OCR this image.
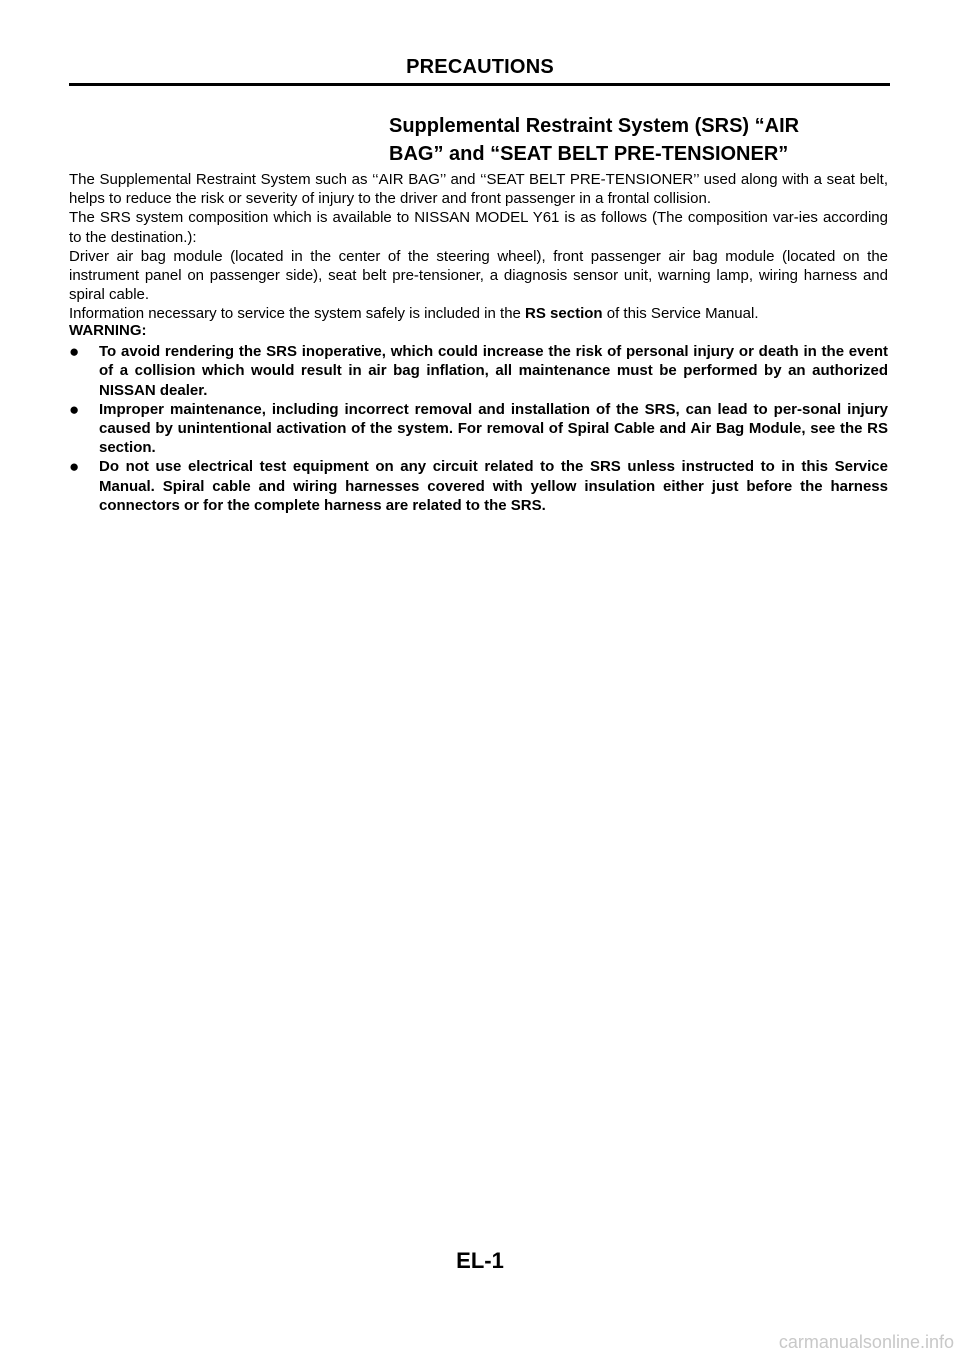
PRECAUTIONS
Supplemental Restraint System (SRS) “AIR
BAG” and “SEAT BELT PRE-TENSIONER”

The Supplemental Restraint System such as ‘‘AIR BAG’’ and ‘‘SEAT BELT PRE-TENSIONER’’ used along with a seat belt, helps to reduce the risk or severity of injury to the driver and front passenger in a frontal collision.

The SRS system composition which is available to NISSAN MODEL Y61 is as follows (The composition var-ies according to the destination.):

Driver air bag module (located in the center of the steering wheel), front passenger air bag module (located on the instrument panel on passenger side), seat belt pre-tensioner, a diagnosis sensor unit, warning lamp, wiring harness and spiral cable.

Information necessary to service the system safely is included in the RS section of this Service Manual.

WARNING:

●	To avoid rendering the SRS inoperative, which could increase the risk of personal injury or death in the event of a collision which would result in air bag inflation, all maintenance must be performed by an authorized NISSAN dealer.
●	Improper maintenance, including incorrect removal and installation of the SRS, can lead to per-sonal injury caused by unintentional activation of the system. For removal of Spiral Cable and Air Bag Module, see the RS section.
●	Do not use electrical test equipment on any circuit related to the SRS unless instructed to in this Service Manual. Spiral cable and wiring harnesses covered with yellow insulation either just before the harness connectors or for the complete harness are related to the SRS.
EL-1
carmanualsonline.info
